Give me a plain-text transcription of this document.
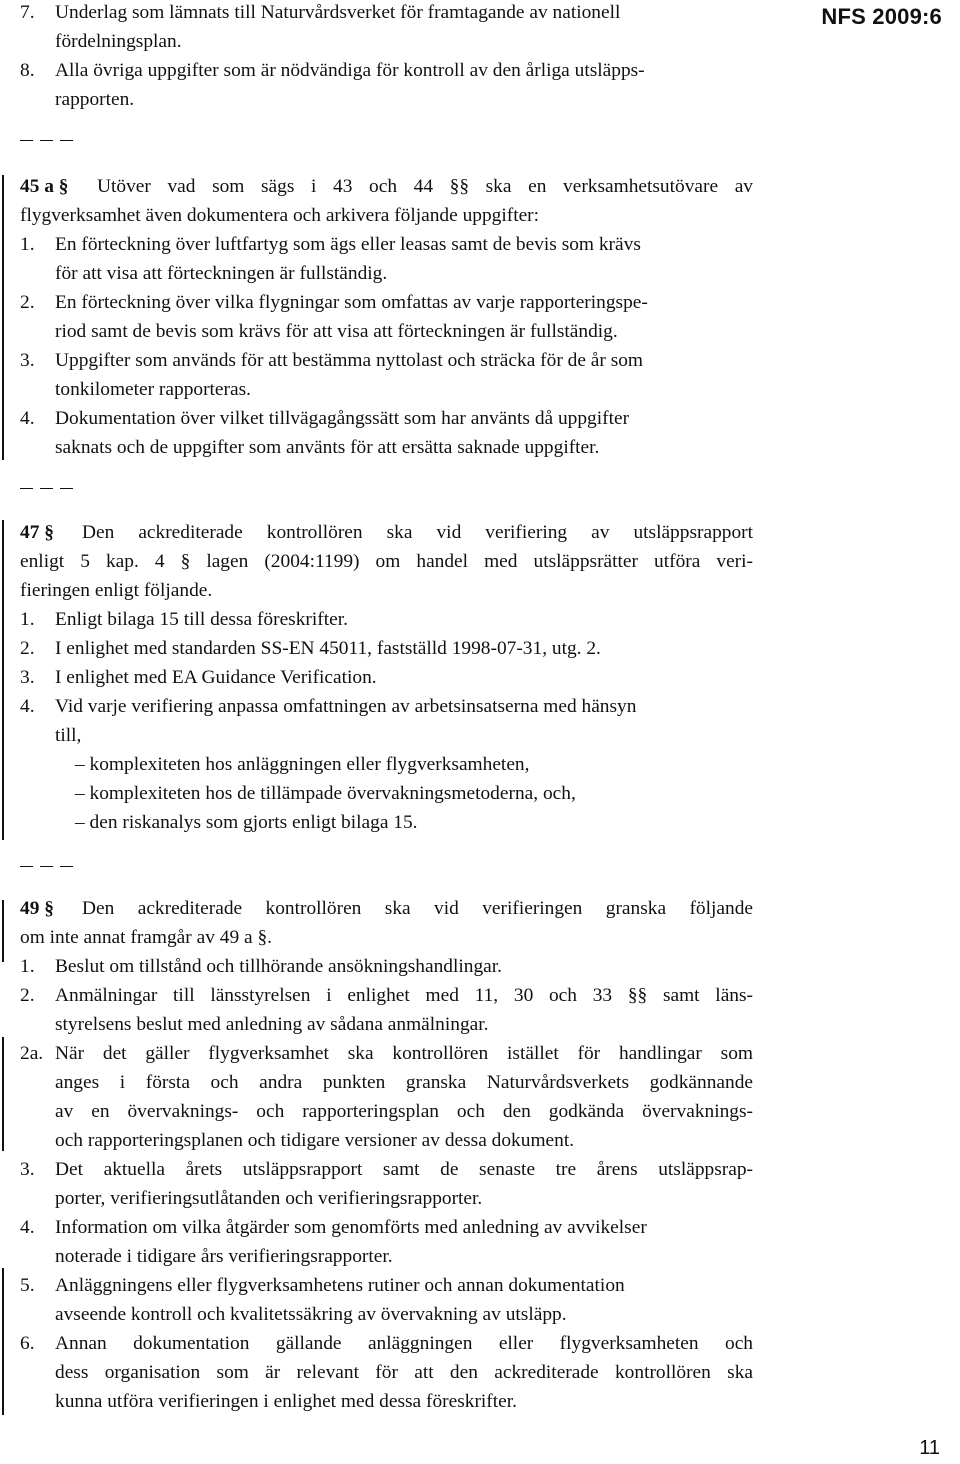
NFS 2009:6
7. Underlag som lämnats till Naturvårdsverket för framtagande av nationell
fördelningsplan.
8. Alla övriga uppgifter som är nödvändiga för kontroll av den årliga utsläpps-
rapporten.
45 a § Utöver vad som sägs i 43 och 44 §§ ska en verksamhetsutövare av
flygverksamhet även dokumentera och arkivera följande uppgifter:
1. En förteckning över luftfartyg som ägs eller leasas samt de bevis som krävs
för att visa att förteckningen är fullständig.
2. En förteckning över vilka flygningar som omfattas av varje rapporteringspe-
riod samt de bevis som krävs för att visa att förteckningen är fullständig.
3. Uppgifter som används för att bestämma nyttolast och sträcka för de år som
tonkilometer rapporteras.
4. Dokumentation över vilket tillvägagångssätt som har använts då uppgifter
saknats och de uppgifter som använts för att ersätta saknade uppgifter.
47 § Den ackrediterade kontrollören ska vid verifiering av utsläppsrapport
enligt 5 kap. 4 § lagen (2004:1199) om handel med utsläppsrätter utföra veri-
fieringen enligt följande.
1. Enligt bilaga 15 till dessa föreskrifter.
2. I enlighet med standarden SS-EN 45011, fastställd 1998-07-31, utg. 2.
3. I enlighet med EA Guidance Verification.
4. Vid varje verifiering anpassa omfattningen av arbetsinsatserna med hänsyn
till,
– komplexiteten hos anläggningen eller flygverksamheten,
– komplexiteten hos de tillämpade övervakningsmetoderna, och,
– den riskanalys som gjorts enligt bilaga 15.
49 § Den ackrediterade kontrollören ska vid verifieringen granska följande
om inte annat framgår av 49 a §.
1. Beslut om tillstånd och tillhörande ansökningshandlingar.
2. Anmälningar till länsstyrelsen i enlighet med 11, 30 och 33 §§ samt läns-
styrelsens beslut med anledning av sådana anmälningar.
2a. När det gäller flygverksamhet ska kontrollören istället för handlingar som
anges i första och andra punkten granska Naturvårdsverkets godkännande
av en övervaknings- och rapporteringsplan och den godkända övervaknings-
och rapporteringsplanen och tidigare versioner av dessa dokument.
3. Det aktuella årets utsläppsrapport samt de senaste tre årens utsläppsrap-
porter, verifieringsutlåtanden och verifieringsrapporter.
4. Information om vilka åtgärder som genomförts med anledning av avvikelser
noterade i tidigare års verifieringsrapporter.
5. Anläggningens eller flygverksamhetens rutiner och annan dokumentation
avseende kontroll och kvalitetssäkring av övervakning av utsläpp.
6. Annan dokumentation gällande anläggningen eller flygverksamheten och
dess organisation som är relevant för att den ackrediterade kontrollören ska
kunna utföra verifieringen i enlighet med dessa föreskrifter.
11
